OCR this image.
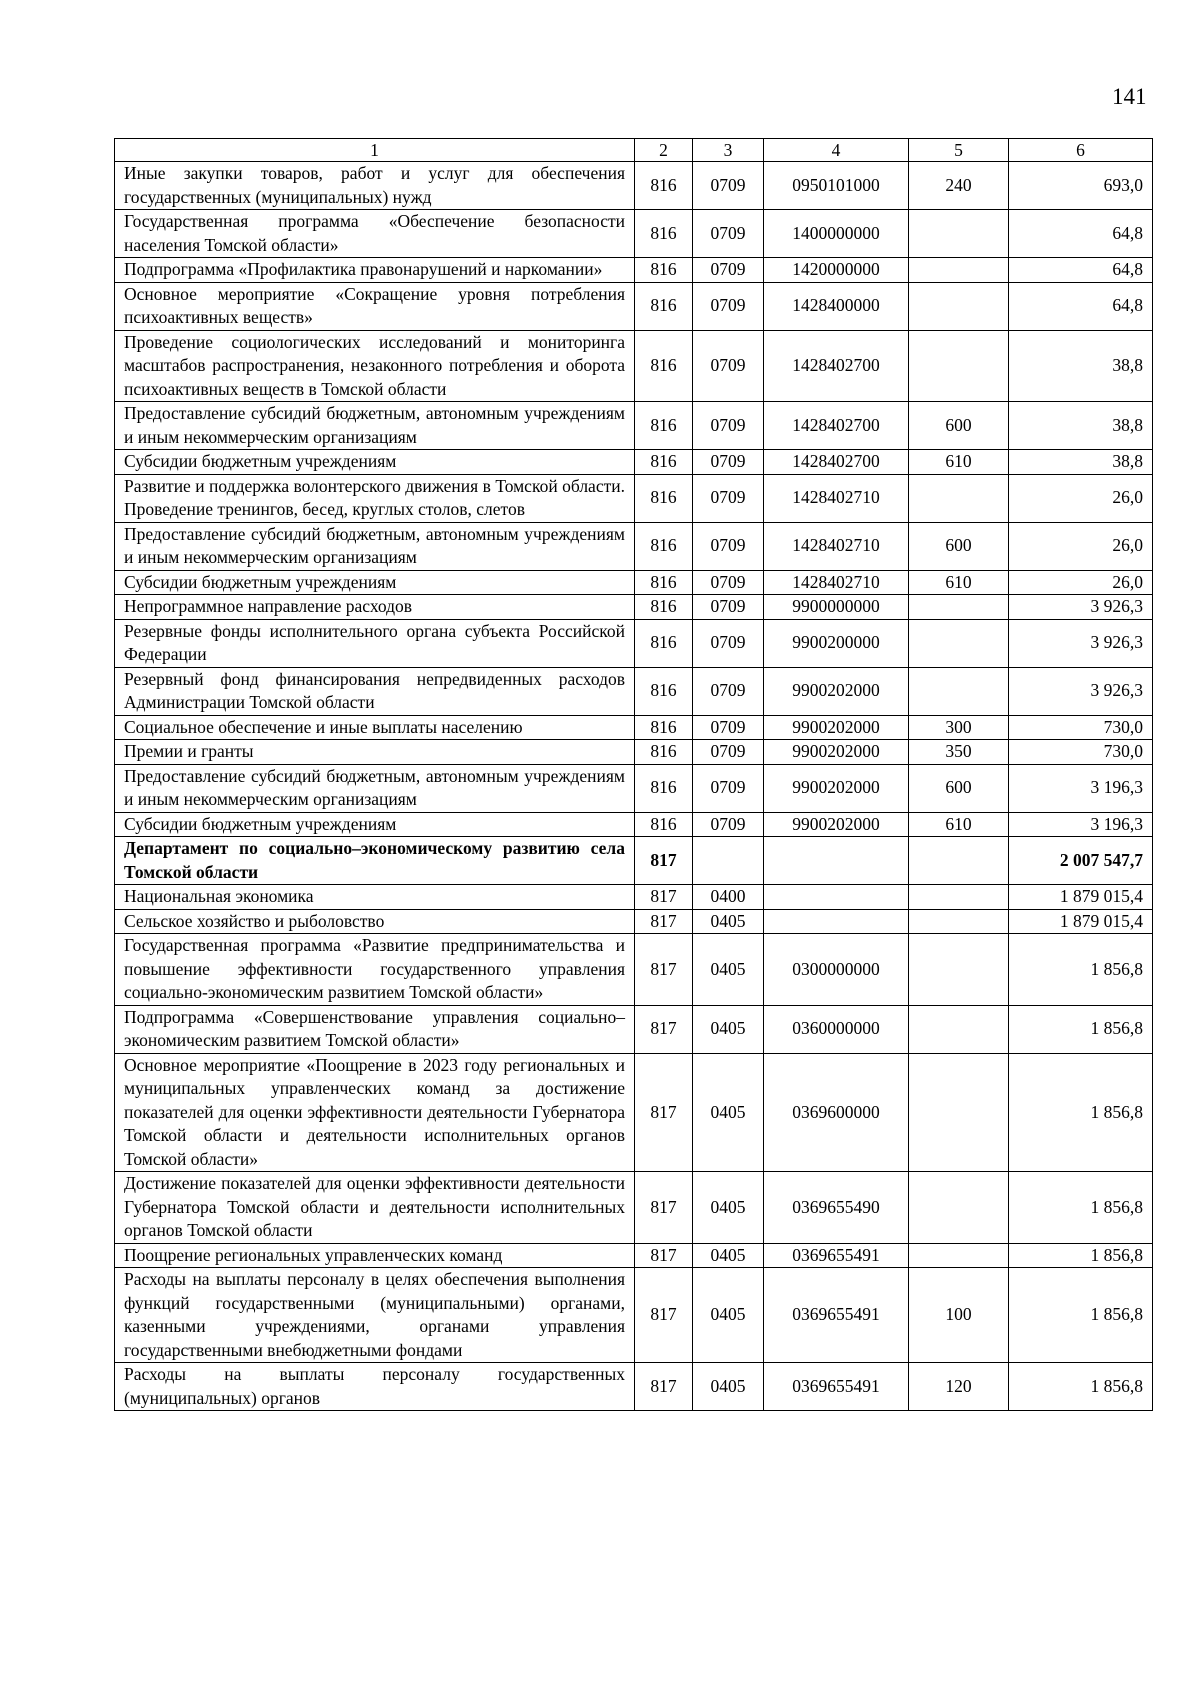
141
1	2	3	4	5	6
Иные закупки товаров, работ и услуг для обеспечения государственных (муниципальных) нужд	816	0709	0950101000	240	693,0
Государственная программа «Обеспечение безопасности населения Томской области»	816	0709	1400000000		64,8
Подпрограмма «Профилактика правонарушений и наркомании»	816	0709	1420000000		64,8
Основное мероприятие «Сокращение уровня потребления психоактивных веществ»	816	0709	1428400000		64,8
Проведение социологических исследований и мониторинга масштабов распространения, незаконного потребления и оборота психоактивных веществ в Томской области	816	0709	1428402700		38,8
Предоставление субсидий бюджетным, автономным учреждениям и иным некоммерческим организациям	816	0709	1428402700	600	38,8
Субсидии бюджетным учреждениям	816	0709	1428402700	610	38,8
Развитие и поддержка волонтерского движения в Томской области. Проведение тренингов, бесед, круглых столов, слетов	816	0709	1428402710		26,0
Предоставление субсидий бюджетным, автономным учреждениям и иным некоммерческим организациям	816	0709	1428402710	600	26,0
Субсидии бюджетным учреждениям	816	0709	1428402710	610	26,0
Непрограммное направление расходов	816	0709	9900000000		3 926,3
Резервные фонды исполнительного органа субъекта Российской Федерации	816	0709	9900200000		3 926,3
Резервный фонд финансирования непредвиденных расходов Администрации Томской области	816	0709	9900202000		3 926,3
Социальное обеспечение и иные выплаты населению	816	0709	9900202000	300	730,0
Премии и гранты	816	0709	9900202000	350	730,0
Предоставление субсидий бюджетным, автономным учреждениям и иным некоммерческим организациям	816	0709	9900202000	600	3 196,3
Субсидии бюджетным учреждениям	816	0709	9900202000	610	3 196,3
Департамент по социально–экономическому развитию села Томской области	817				2 007 547,7
Национальная экономика	817	0400			1 879 015,4
Сельское хозяйство и рыболовство	817	0405			1 879 015,4
Государственная программа «Развитие предпринимательства и повышение эффективности государственного управления социально-экономическим развитием Томской области»	817	0405	0300000000		1 856,8
Подпрограмма «Совершенствование управления социально–экономическим развитием Томской области»	817	0405	0360000000		1 856,8
Основное мероприятие «Поощрение в 2023 году региональных и муниципальных управленческих команд за достижение показателей для оценки эффективности деятельности Губернатора Томской области и деятельности исполнительных органов Томской области»	817	0405	0369600000		1 856,8
Достижение показателей для оценки эффективности деятельности Губернатора Томской области и деятельности исполнительных органов Томской области	817	0405	0369655490		1 856,8
Поощрение региональных управленческих команд	817	0405	0369655491		1 856,8
Расходы на выплаты персоналу в целях обеспечения выполнения функций государственными (муниципальными) органами, казенными учреждениями, органами управления государственными внебюджетными фондами	817	0405	0369655491	100	1 856,8
Расходы на выплаты персоналу государственных (муниципальных) органов	817	0405	0369655491	120	1 856,8
